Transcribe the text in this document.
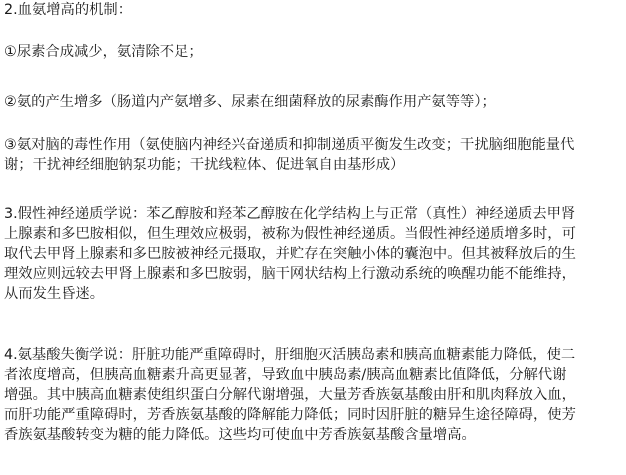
2.血氨增高的机制：
①尿素合成减少，氨清除不足；
②氨的产生增多（肠道内产氨增多、尿素在细菌释放的尿素酶作用产氨等等）；
③氨对脑的毒性作用（氨使脑内神经兴奋递质和抑制递质平衡发生改变；干扰脑细胞能量代
谢；干扰神经细胞钠泵功能；干扰线粒体、促进氧自由基形成）
3.假性神经递质学说：苯乙醇胺和羟苯乙醇胺在化学结构上与正常（真性）神经递质去甲肾
上腺素和多巴胺相似，但生理效应极弱，被称为假性神经递质。当假性神经递质增多时，可
取代去甲肾上腺素和多巴胺被神经元摄取，并贮存在突触小体的囊泡中。但其被释放后的生
理效应则远较去甲肾上腺素和多巴胺弱，脑干网状结构上行激动系统的唤醒功能不能维持，
从而发生昏迷。
4.氨基酸失衡学说：肝脏功能严重障碍时，肝细胞灭活胰岛素和胰高血糖素能力降低，使二
者浓度增高，但胰高血糖素升高更显著，导致血中胰岛素/胰高血糖素比值降低，分解代谢
增强。其中胰高血糖素使组织蛋白分解代谢增强，大量芳香族氨基酸由肝和肌肉释放入血，
而肝功能严重障碍时，芳香族氨基酸的降解能力降低；同时因肝脏的糖异生途径障碍，使芳
香族氨基酸转变为糖的能力降低。这些均可使血中芳香族氨基酸含量增高。
